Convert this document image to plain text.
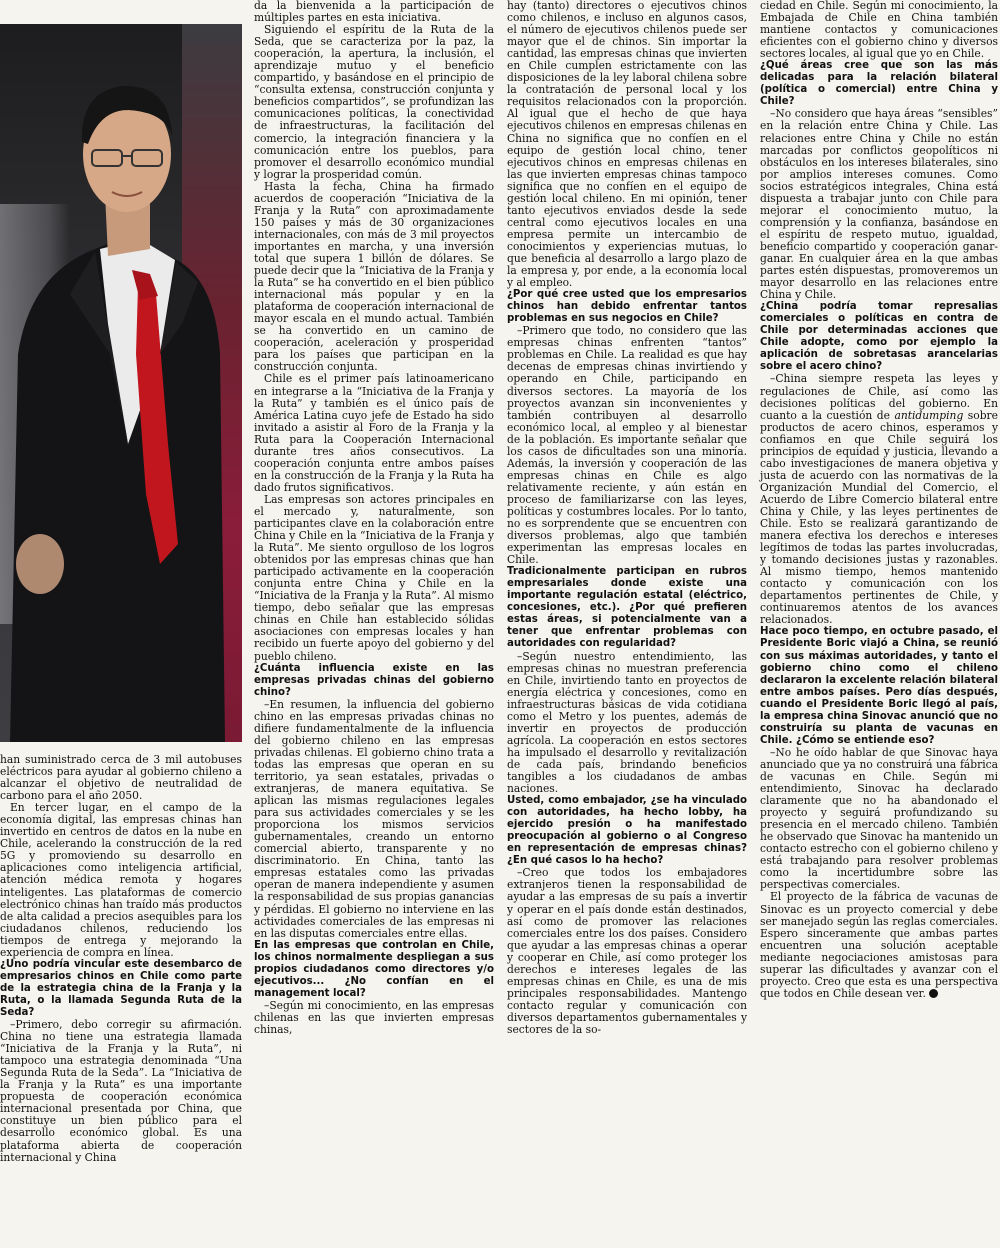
han suministrado cerca de 3 mil autobuses eléctricos para ayudar al gobierno chileno a alcanzar el objetivo de neutralidad de carbono para el año 2050.

En tercer lugar, en el campo de la economía digital, las empresas chinas han invertido en centros de datos en la nube en Chile, acelerando la construcción de la red 5G y promoviendo su desarrollo en aplicaciones como inteligencia artificial, atención médica remota y hogares inteligentes. Las plataformas de comercio electrónico chinas han traído más productos de alta calidad a precios asequibles para los ciudadanos chilenos, reduciendo los tiempos de entrega y mejorando la experiencia de compra en línea.

¿Uno podría vincular este desembarco de empresarios chinos en Chile como parte de la estrategia china de la Franja y la Ruta, o la llamada Segunda Ruta de la Seda?

–Primero, debo corregir su afirmación. China no tiene una estrategia llamada “Iniciativa de la Franja y la Ruta”, ni tampoco una estrategia denominada “Una Segunda Ruta de la Seda”. La “Iniciativa de la Franja y la Ruta” es una importante propuesta de cooperación económica internacional presentada por China, que constituye un bien público para el desarrollo económico global. Es una plataforma abierta de cooperación internacional y China

da la bienvenida a la participación de múltiples partes en esta iniciativa.

Siguiendo el espíritu de la Ruta de la Seda, que se caracteriza por la paz, la cooperación, la apertura, la inclusión, el aprendizaje mutuo y el beneficio compartido, y basándose en el principio de “consulta extensa, construcción conjunta y beneficios compartidos”, se profundizan las comunicaciones políticas, la conectividad de infraestructuras, la facilitación del comercio, la integración financiera y la comunicación entre los pueblos, para promover el desarrollo económico mundial y lograr la prosperidad común.

Hasta la fecha, China ha firmado acuerdos de cooperación “Iniciativa de la Franja y la Ruta” con aproximadamente 150 países y más de 30 organizaciones internacionales, con más de 3 mil proyectos importantes en marcha, y una inversión total que supera 1 billón de dólares. Se puede decir que la “Iniciativa de la Franja y la Ruta” se ha convertido en el bien público internacional más popular y en la plataforma de cooperación internacional de mayor escala en el mundo actual. También se ha convertido en un camino de cooperación, aceleración y prosperidad para los países que participan en la construcción conjunta.

Chile es el primer país latinoamericano en integrarse a la “Iniciativa de la Franja y la Ruta” y también es el único país de América Latina cuyo jefe de Estado ha sido invitado a asistir al Foro de la Franja y la Ruta para la Cooperación Internacional durante tres años consecutivos. La cooperación conjunta entre ambos países en la construcción de la Franja y la Ruta ha dado frutos significativos.

Las empresas son actores principales en el mercado y, naturalmente, son participantes clave en la colaboración entre China y Chile en la “Iniciativa de la Franja y la Ruta”. Me siento orgulloso de los logros obtenidos por las empresas chinas que han participado activamente en la cooperación conjunta entre China y Chile en la “Iniciativa de la Franja y la Ruta”. Al mismo tiempo, debo señalar que las empresas chinas en Chile han establecido sólidas asociaciones con empresas locales y han recibido un fuerte apoyo del gobierno y del pueblo chileno.

¿Cuánta influencia existe en las empresas privadas chinas del gobierno chino?

–En resumen, la influencia del gobierno chino en las empresas privadas chinas no difiere fundamentalmente de la influencia del gobierno chileno en las empresas privadas chilenas. El gobierno chino trata a todas las empresas que operan en su territorio, ya sean estatales, privadas o extranjeras, de manera equitativa. Se aplican las mismas regulaciones legales para sus actividades comerciales y se les proporciona los mismos servicios gubernamentales, creando un entorno comercial abierto, transparente y no discriminatorio. En China, tanto las empresas estatales como las privadas operan de manera independiente y asumen la responsabilidad de sus propias ganancias y pérdidas. El gobierno no interviene en las actividades comerciales de las empresas ni en las disputas comerciales entre ellas.

En las empresas que controlan en Chile, los chinos normalmente despliegan a sus propios ciudadanos como directores y/o ejecutivos... ¿No confían en el management local?

–Según mi conocimiento, en las empresas chilenas en las que invierten empresas chinas,

hay (tanto) directores o ejecutivos chinos como chilenos, e incluso en algunos casos, el número de ejecutivos chilenos puede ser mayor que el de chinos. Sin importar la cantidad, las empresas chinas que invierten en Chile cumplen estrictamente con las disposiciones de la ley laboral chilena sobre la contratación de personal local y los requisitos relacionados con la proporción. Al igual que el hecho de que haya ejecutivos chilenos en empresas chilenas en China no significa que no confíen en el equipo de gestión local chino, tener ejecutivos chinos en empresas chilenas en las que invierten empresas chinas tampoco significa que no confíen en el equipo de gestión local chileno. En mi opinión, tener tanto ejecutivos enviados desde la sede central como ejecutivos locales en una empresa permite un intercambio de conocimientos y experiencias mutuas, lo que beneficia al desarrollo a largo plazo de la empresa y, por ende, a la economía local y al empleo.

¿Por qué cree usted que los empresarios chinos han debido enfrentar tantos problemas en sus negocios en Chile?

–Primero que todo, no considero que las empresas chinas enfrenten “tantos” problemas en Chile. La realidad es que hay decenas de empresas chinas invirtiendo y operando en Chile, participando en diversos sectores. La mayoría de los proyectos avanzan sin inconvenientes y también contribuyen al desarrollo económico local, al empleo y al bienestar de la población. Es importante señalar que los casos de dificultades son una minoría. Además, la inversión y cooperación de las empresas chinas en Chile es algo relativamente reciente, y aún están en proceso de familiarizarse con las leyes, políticas y costumbres locales. Por lo tanto, no es sorprendente que se encuentren con diversos problemas, algo que también experimentan las empresas locales en Chile.

Tradicionalmente participan en rubros empresariales donde existe una importante regulación estatal (eléctrico, concesiones, etc.). ¿Por qué prefieren estas áreas, si potencialmente van a tener que enfrentar problemas con autoridades con regularidad?

–Según nuestro entendimiento, las empresas chinas no muestran preferencia en Chile, invirtiendo tanto en proyectos de energía eléctrica y concesiones, como en infraestructuras básicas de vida cotidiana como el Metro y los puentes, además de invertir en proyectos de producción agrícola. La cooperación en estos sectores ha impulsado el desarrollo y revitalización de cada país, brindando beneficios tangibles a los ciudadanos de ambas naciones.

Usted, como embajador, ¿se ha vinculado con autoridades, ha hecho lobby, ha ejercido presión o ha manifestado preocupación al gobierno o al Congreso en representación de empresas chinas? ¿En qué casos lo ha hecho?

–Creo que todos los embajadores extranjeros tienen la responsabilidad de ayudar a las empresas de su país a invertir y operar en el país donde están destinados, así como de promover las relaciones comerciales entre los dos países. Considero que ayudar a las empresas chinas a operar y cooperar en Chile, así como proteger los derechos e intereses legales de las empresas chinas en Chile, es una de mis principales responsabilidades. Mantengo contacto regular y comunicación con diversos departamentos gubernamentales y sectores de la so-

ciedad en Chile. Según mi conocimiento, la Embajada de Chile en China también mantiene contactos y comunicaciones eficientes con el gobierno chino y diversos sectores locales, al igual que yo en Chile.

¿Qué áreas cree que son las más delicadas para la relación bilateral (política o comercial) entre China y Chile?

–No considero que haya áreas “sensibles” en la relación entre China y Chile. Las relaciones entre China y Chile no están marcadas por conflictos geopolíticos ni obstáculos en los intereses bilaterales, sino por amplios intereses comunes. Como socios estratégicos integrales, China está dispuesta a trabajar junto con Chile para mejorar el conocimiento mutuo, la comprensión y la confianza, basándose en el espíritu de respeto mutuo, igualdad, beneficio compartido y cooperación ganar-ganar. En cualquier área en la que ambas partes estén dispuestas, promoveremos un mayor desarrollo en las relaciones entre China y Chile.

¿China podría tomar represalias comerciales o políticas en contra de Chile por determinadas acciones que Chile adopte, como por ejemplo la aplicación de sobretasas arancelarias sobre el acero chino?

–China siempre respeta las leyes y regulaciones de Chile, así como las decisiones políticas del gobierno. En cuanto a la cuestión de antidumping sobre productos de acero chinos, esperamos y confiamos en que Chile seguirá los principios de equidad y justicia, llevando a cabo investigaciones de manera objetiva y justa de acuerdo con las normativas de la Organización Mundial del Comercio, el Acuerdo de Libre Comercio bilateral entre China y Chile, y las leyes pertinentes de Chile. Esto se realizará garantizando de manera efectiva los derechos e intereses legítimos de todas las partes involucradas, y tomando decisiones justas y razonables. Al mismo tiempo, hemos mantenido contacto y comunicación con los departamentos pertinentes de Chile, y continuaremos atentos de los avances relacionados.

Hace poco tiempo, en octubre pasado, el Presidente Boric viajó a China, se reunió con sus máximas autoridades, y tanto el gobierno chino como el chileno declararon la excelente relación bilateral entre ambos países. Pero días después, cuando el Presidente Boric llegó al país, la empresa china Sinovac anunció que no construiría su planta de vacunas en Chile. ¿Cómo se entiende eso?

–No he oído hablar de que Sinovac haya anunciado que ya no construirá una fábrica de vacunas en Chile. Según mi entendimiento, Sinovac ha declarado claramente que no ha abandonado el proyecto y seguirá profundizando su presencia en el mercado chileno. También he observado que Sinovac ha mantenido un contacto estrecho con el gobierno chileno y está trabajando para resolver problemas como la incertidumbre sobre las perspectivas comerciales.

El proyecto de la fábrica de vacunas de Sinovac es un proyecto comercial y debe ser manejado según las reglas comerciales. Espero sinceramente que ambas partes encuentren una solución aceptable mediante negociaciones amistosas para superar las dificultades y avanzar con el proyecto. Creo que esta es una perspectiva que todos en Chile desean ver.
